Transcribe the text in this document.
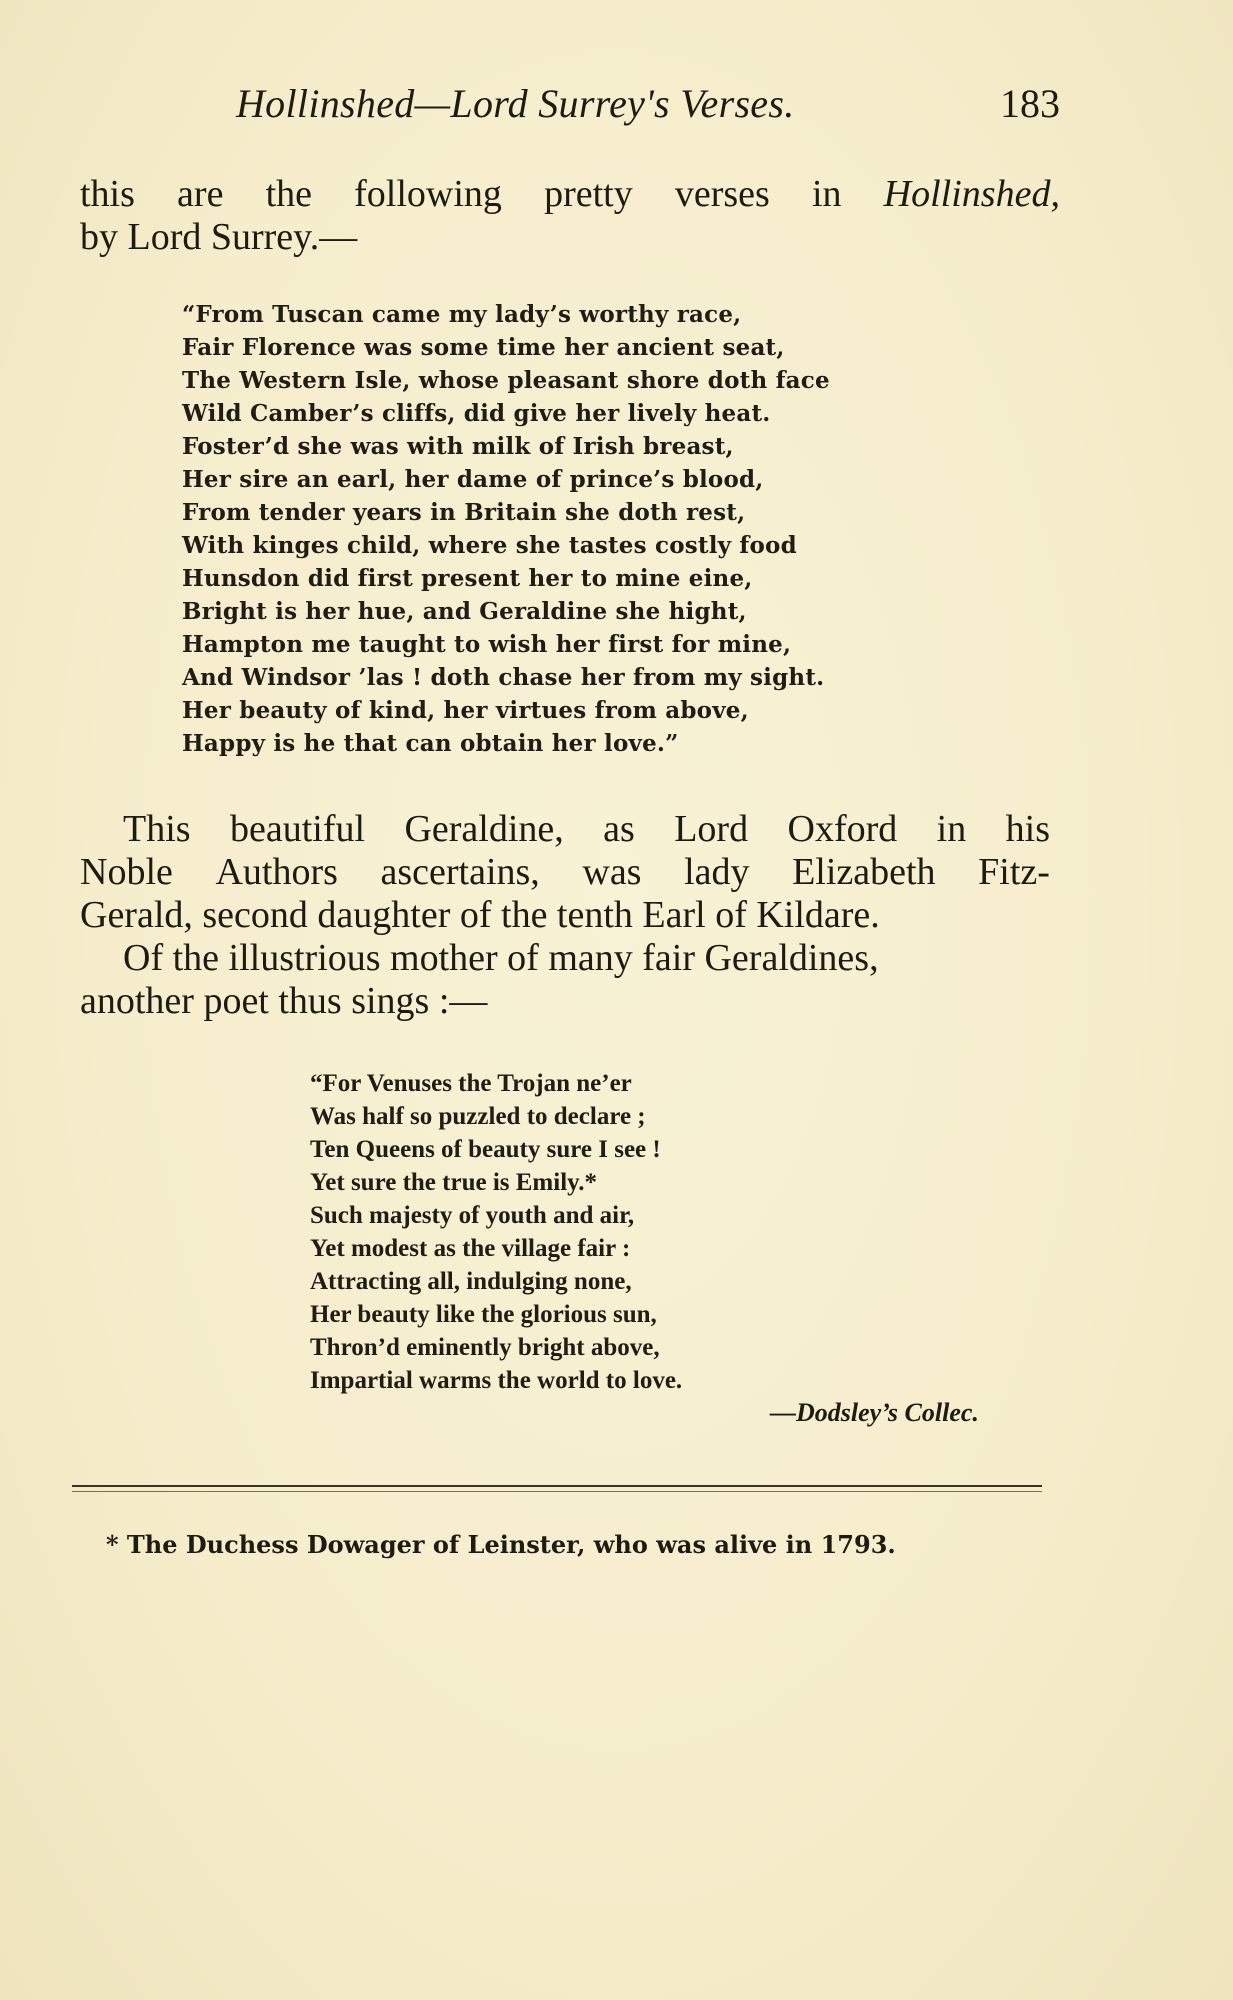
Hollinshed—Lord Surrey's Verses.	183
this are the following pretty verses in Hollinshed,
by Lord Surrey.—
“From Tuscan came my lady’s worthy race,
Fair Florence was some time her ancient seat,
The Western Isle, whose pleasant shore doth face
Wild Camber’s cliffs, did give her lively heat.
Foster’d she was with milk of Irish breast,
Her sire an earl, her dame of prince’s blood,
From tender years in Britain she doth rest,
With kinges child, where she tastes costly food
Hunsdon did first present her to mine eine,
Bright is her hue, and Geraldine she hight,
Hampton me taught to wish her first for mine,
And Windsor ’las ! doth chase her from my sight.
Her beauty of kind, her virtues from above,
Happy is he that can obtain her love.”
This beautiful Geraldine, as Lord Oxford in his
Noble Authors ascertains, was lady Elizabeth Fitz-
Gerald, second daughter of the tenth Earl of Kildare.
Of the illustrious mother of many fair Geraldines,
another poet thus sings :—
“For Venuses the Trojan ne’er
Was half so puzzled to declare ;
Ten Queens of beauty sure I see !
Yet sure the true is Emily.*
Such majesty of youth and air,
Yet modest as the village fair :
Attracting all, indulging none,
Her beauty like the glorious sun,
Thron’d eminently bright above,
Impartial warms the world to love.
—Dodsley’s Collec.
* The Duchess Dowager of Leinster, who was alive in 1793.
